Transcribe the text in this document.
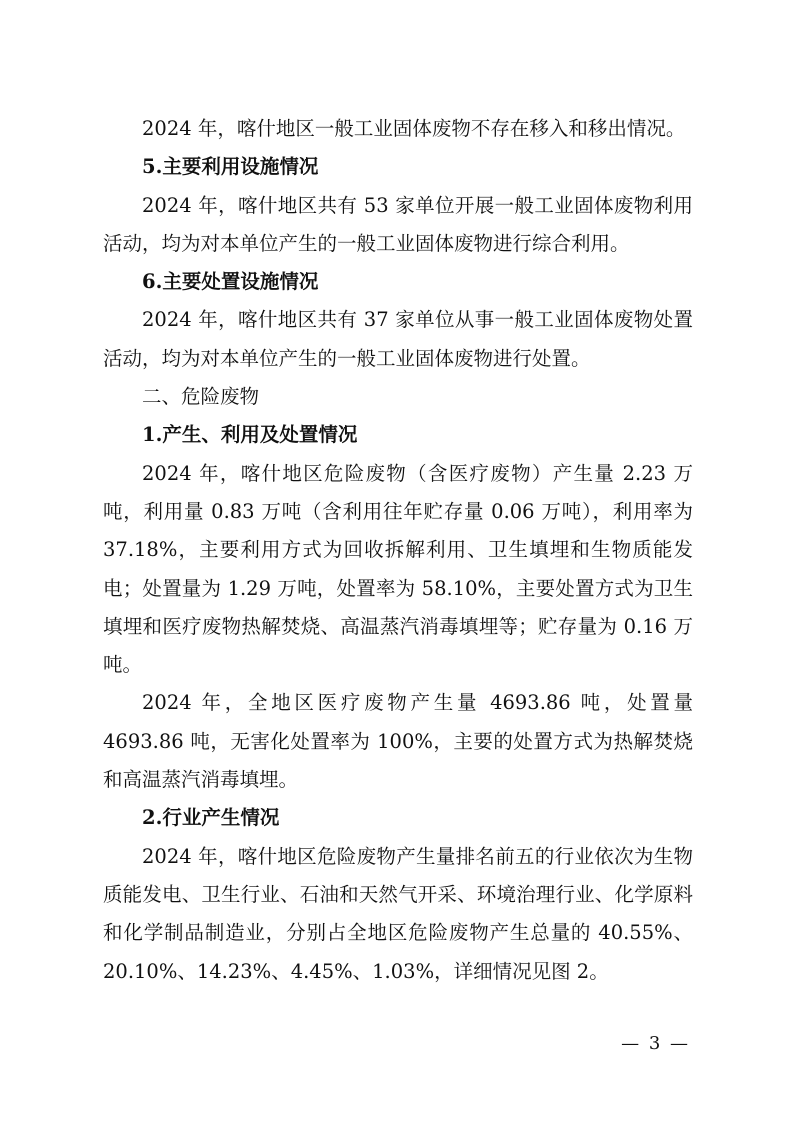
2024 年，喀什地区一般工业固体废物不存在移入和移出情况。

5.主要利用设施情况

2024 年，喀什地区共有 53 家单位开展一般工业固体废物利用活动，均为对本单位产生的一般工业固体废物进行综合利用。

6.主要处置设施情况

2024 年，喀什地区共有 37 家单位从事一般工业固体废物处置活动，均为对本单位产生的一般工业固体废物进行处置。

二、危险废物

1.产生、利用及处置情况

2024 年，喀什地区危险废物（含医疗废物）产生量 2.23 万吨，利用量 0.83 万吨（含利用往年贮存量 0.06 万吨），利用率为 37.18%，主要利用方式为回收拆解利用、卫生填埋和生物质能发电；处置量为 1.29 万吨，处置率为 58.10%，主要处置方式为卫生填埋和医疗废物热解焚烧、高温蒸汽消毒填埋等；贮存量为 0.16 万吨。

2024 年，全地区医疗废物产生量 4693.86 吨，处置量 4693.86 吨，无害化处置率为 100%，主要的处置方式为热解焚烧和高温蒸汽消毒填埋。

2.行业产生情况

2024 年，喀什地区危险废物产生量排名前五的行业依次为生物质能发电、卫生行业、石油和天然气开采、环境治理行业、化学原料和化学制品制造业，分别占全地区危险废物产生总量的 40.55%、20.10%、14.23%、4.45%、1.03%，详细情况见图 2。

— 3 —
